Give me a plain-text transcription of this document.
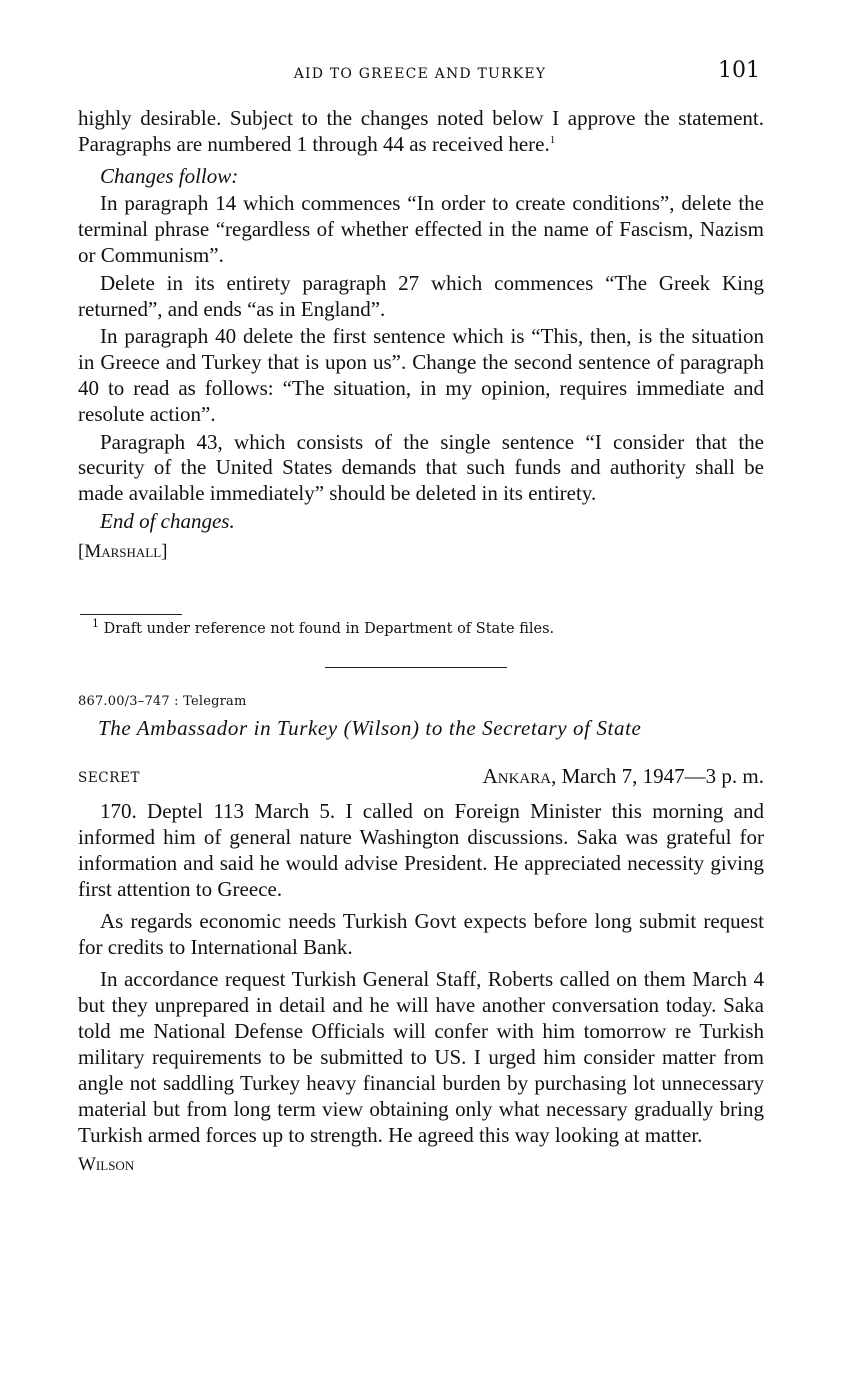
AID TO GREECE AND TURKEY	101

highly desirable. Subject to the changes noted below I approve the statement. Paragraphs are numbered 1 through 44 as received here.$^1$

Changes follow:

In paragraph 14 which commences “In order to create conditions”, delete the terminal phrase “regardless of whether effected in the name of Fascism, Nazism or Communism”.

Delete in its entirety paragraph 27 which commences “The Greek King returned”, and ends “as in England”.

In paragraph 40 delete the first sentence which is “This, then, is the situation in Greece and Turkey that is upon us”. Change the second sentence of paragraph 40 to read as follows: “The situation, in my opinion, requires immediate and resolute action”.

Paragraph 43, which consists of the single sentence “I consider that the security of the United States demands that such funds and authority shall be made available immediately” should be deleted in its entirety.

End of changes.

[Marshall]

$^1$ Draft under reference not found in Department of State files.
867.00/3–747 : Telegram
The Ambassador in Turkey (Wilson) to the Secretary of State
SECRET	Ankara, March 7, 1947—3 p. m.

170. Deptel 113 March 5. I called on Foreign Minister this morning and informed him of general nature Washington discussions. Saka was grateful for information and said he would advise President. He appreciated necessity giving first attention to Greece.

As regards economic needs Turkish Govt expects before long submit request for credits to International Bank.

In accordance request Turkish General Staff, Roberts called on them March 4 but they unprepared in detail and he will have another conversation today. Saka told me National Defense Officials will confer with him tomorrow re Turkish military requirements to be submitted to US. I urged him consider matter from angle not saddling Turkey heavy financial burden by purchasing lot unnecessary material but from long term view obtaining only what necessary gradually bring Turkish armed forces up to strength. He agreed this way looking at matter.

Wilson
